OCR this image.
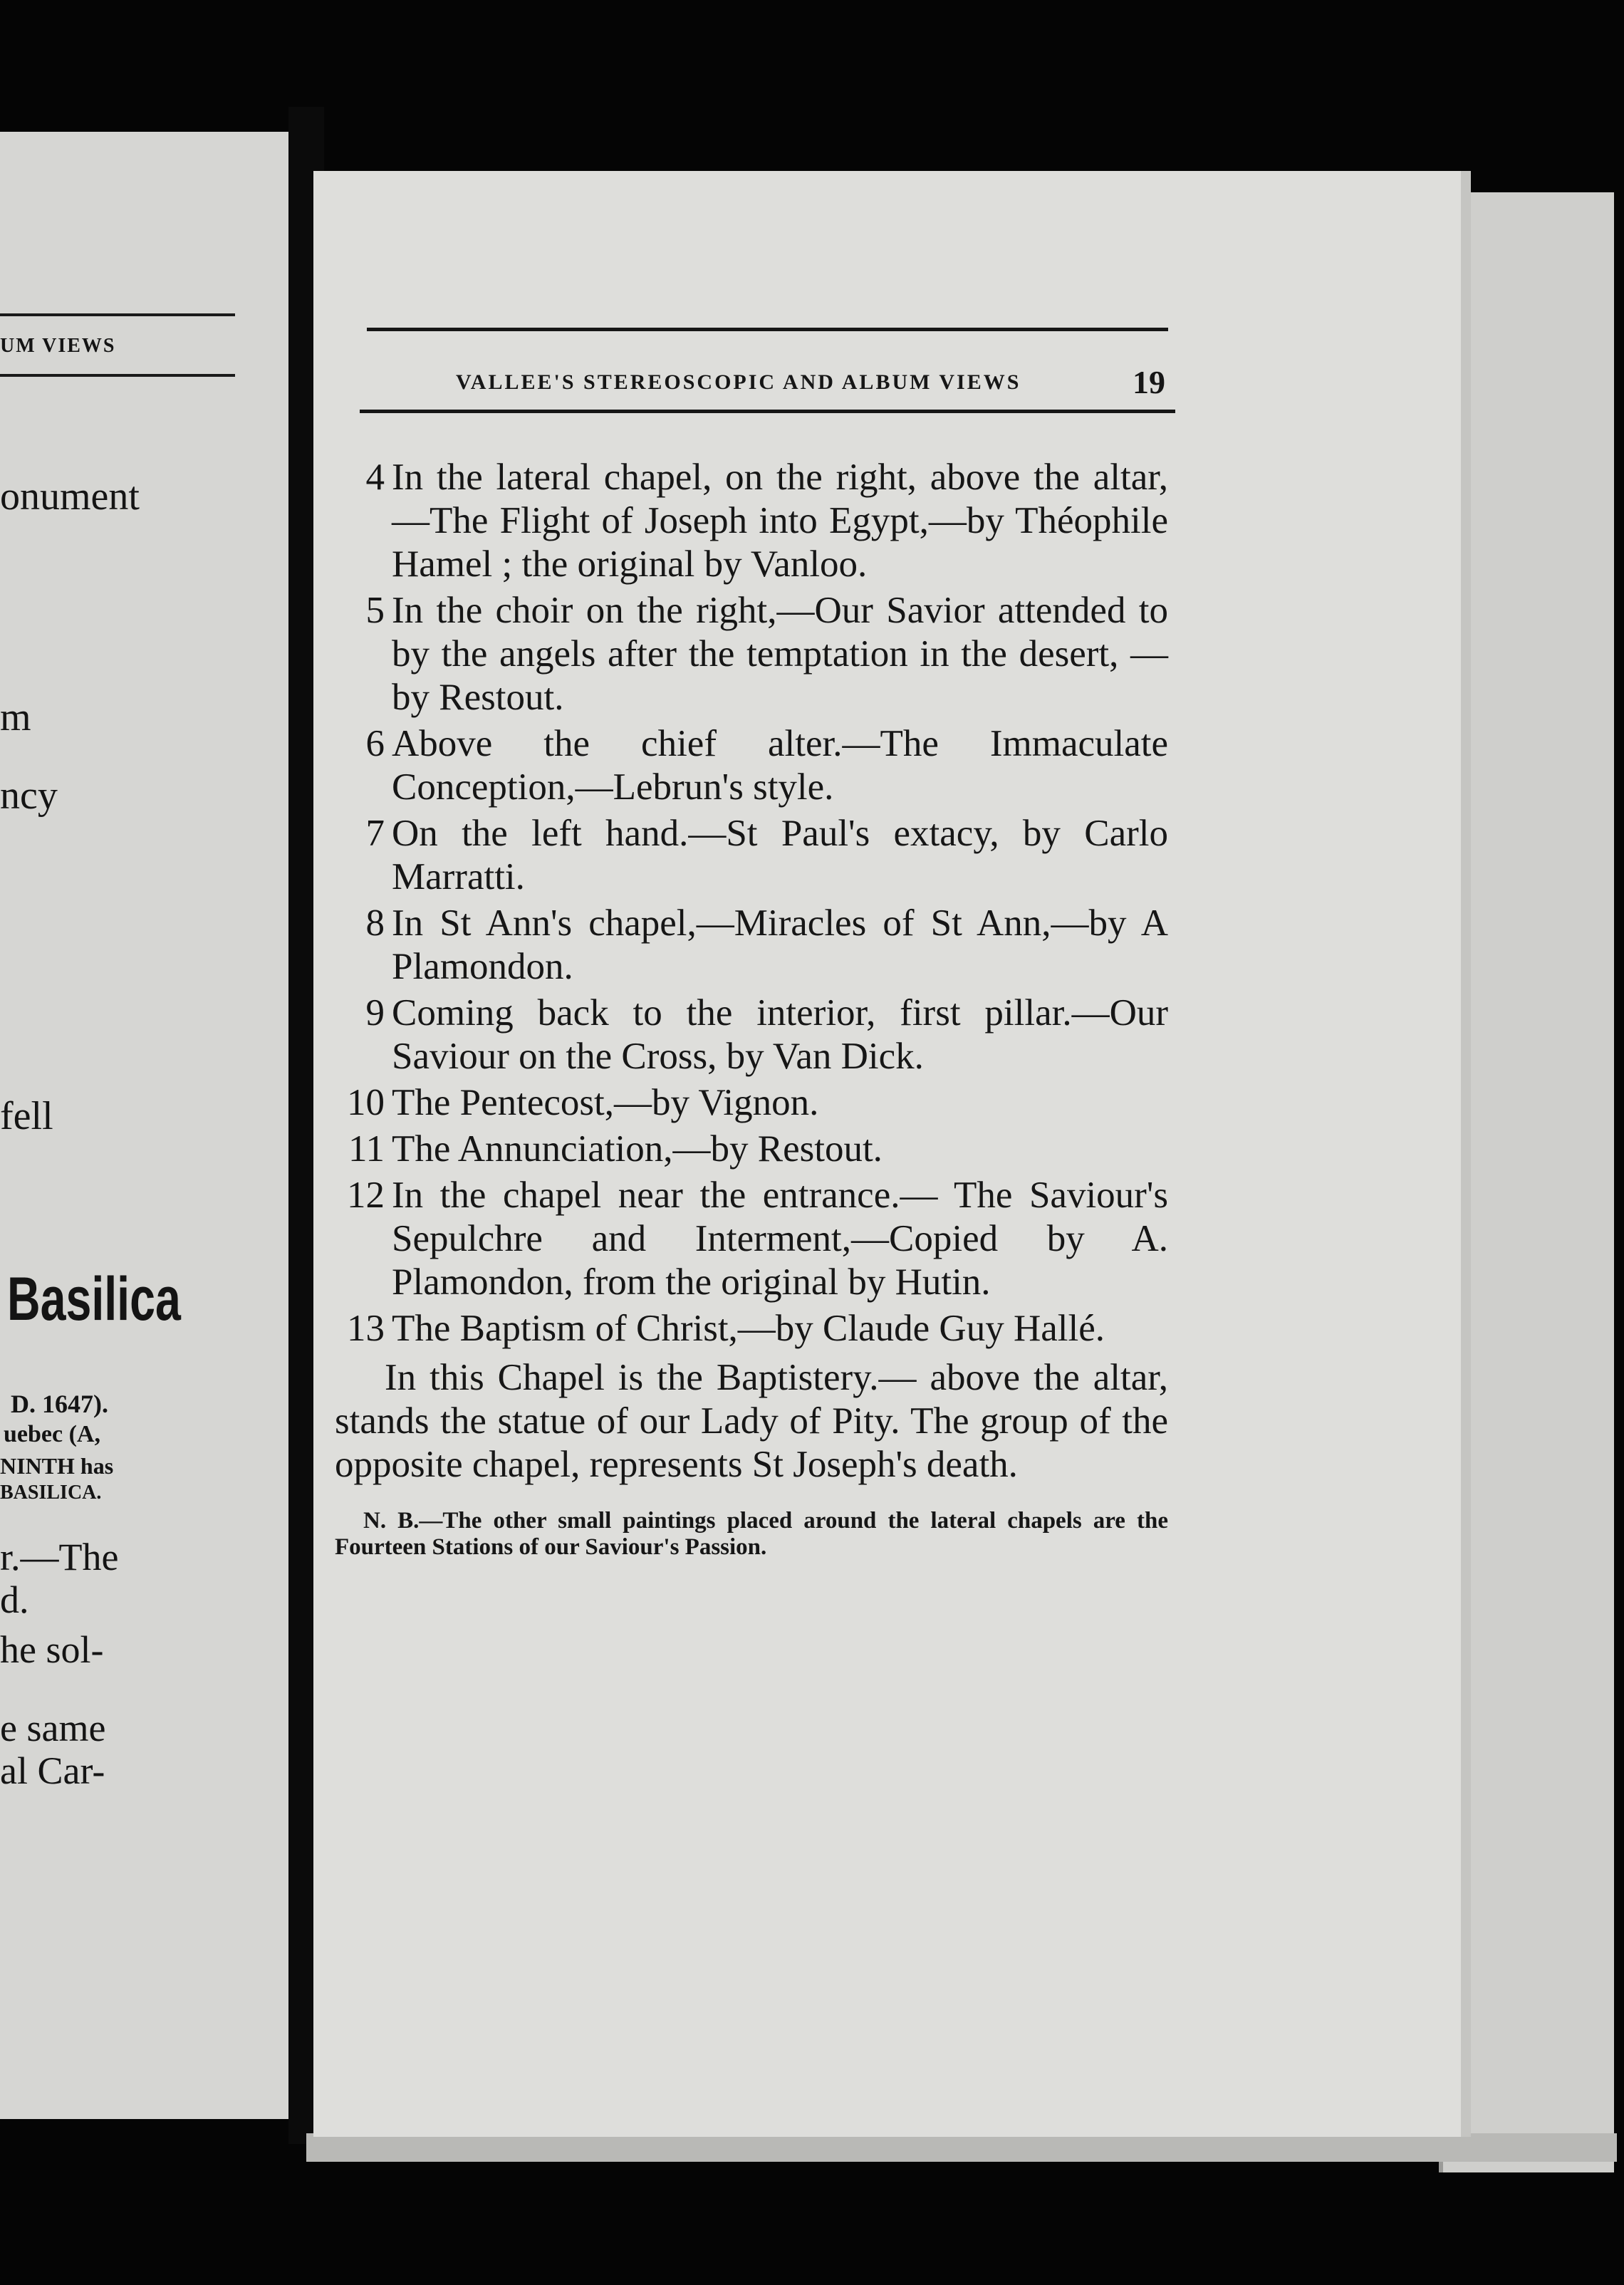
UM VIEWS

onument
m
ncy
fell
Basilica
D. 1647).
uebec (A,
NINTH has
BASILICA.
r.—The
d.
he sol-
e same
al Car-
VALLEE'S STEREOSCOPIC AND ALBUM VIEWS	19
4 In the lateral chapel, on the right, above the altar,—The Flight of Joseph into Egypt,—by Théophile Hamel ; the original by Vanloo.
5 In the choir on the right,—Our Savior attended to by the angels after the temptation in the desert, —by Restout.
6 Above the chief alter.—The Immaculate Conception,—Lebrun's style.
7 On the left hand.—St Paul's extacy, by Carlo Marratti.
8 In St Ann's chapel,—Miracles of St Ann,—by A Plamondon.
9 Coming back to the interior, first pillar.—Our Saviour on the Cross, by Van Dick.
10 The Pentecost,—by Vignon.
11 The Annunciation,—by Restout.
12 In the chapel near the entrance.— The Saviour's Sepulchre and Interment,—Copied by A. Plamondon, from the original by Hutin.
13 The Baptism of Christ,—by Claude Guy Hallé.
In this Chapel is the Baptistery.— above the altar, stands the statue of our Lady of Pity. The group of the opposite chapel, represents St Joseph's death.
N. B.—The other small paintings placed around the lateral chapels are the Fourteen Stations of our Saviour's Passion.
